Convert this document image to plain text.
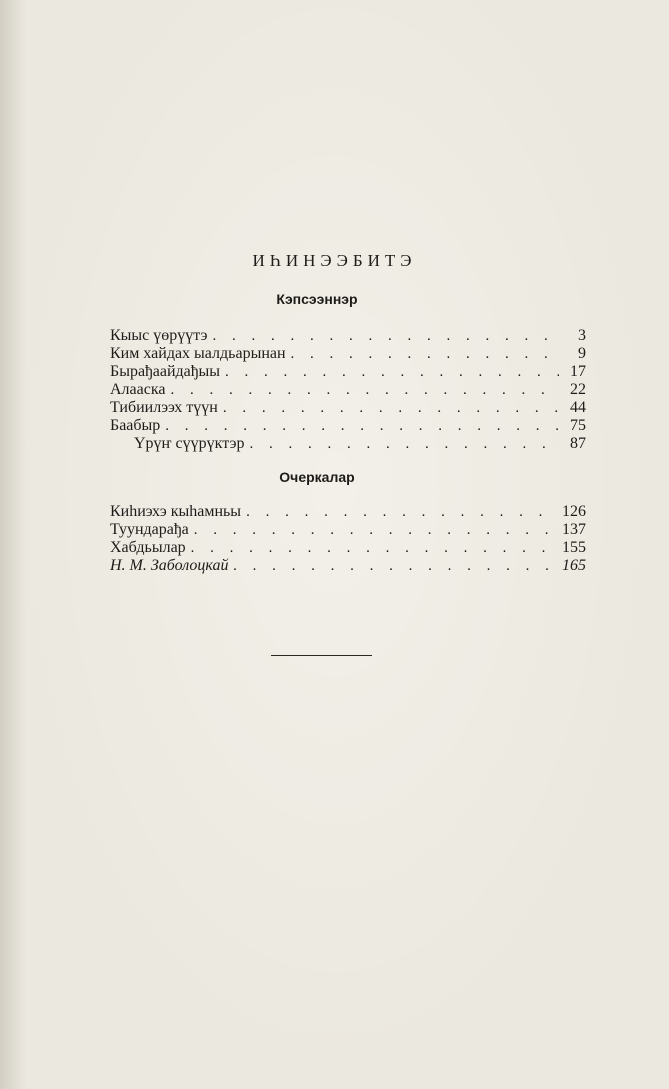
ИҺИНЭЭБИТЭ
Кэпсээннэр
Кыыс үөрүүтэ . . .	3
Ким хайдах ыалдьарынан . . .	9
Бырађаайдађыы . . .	17
Алааска . . .	22
Тибиилээх түүн . . .	44
Баабыр . . .	75
Үрүҥ сүүрүктэр . . .	87
Очеркалар
Киһиэхэ кыһамньы . . .	126
Туундарађа . . .	137
Хабдьылар . . .	155
Н. М. Заболоцкай . . .	165
